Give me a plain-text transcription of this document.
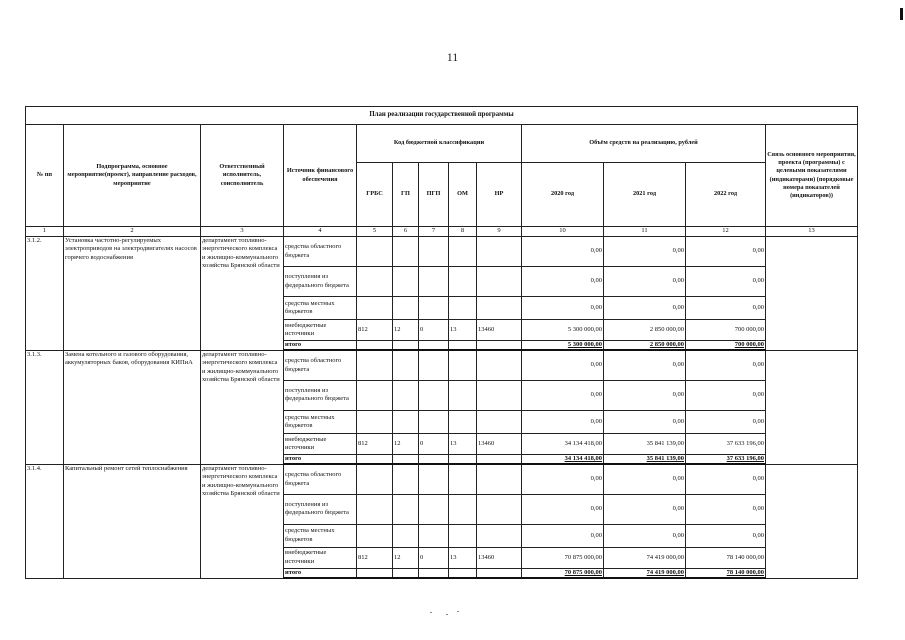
11
План реализации государственной программы												
№ пп	Подпрограмма, основное мероприятие(проект), направление расходов, мероприятие	Ответственный исполнитель, соисполнитель	Источник финансового обеспечения	Код бюджетной классификации					Объём средств на реализацию, рублей			Связь основного мероприятия, проекта (программы) с целевыми показателями (индикаторами) (порядковые номера показателей (индикаторов))
				ГРБС	ГП	ПГП	ОМ	НР	2020 год	2021 год	2022 год	
1	2	3	4	5	6	7	8	9	10	11	12	13
3.1.2.	Установка частотно-регулируемых электроприводов на электродвигателях насосов горячего водоснабжения	департамент топливно-энергетического комплекса и жилищно-коммунального хозяйства Брянской области	средства областного бюджета						0,00	0,00	0,00	
			поступления из федерального бюджета						0,00	0,00	0,00	
			средства местных бюджетов						0,00	0,00	0,00	
			внебюджетные источники	812	12	0	13	13460	5 300 000,00	2 850 000,00	700 000,00	
			итого						5 300 000,00	2 850 000,00	700 000,00	
3.1.3.	Замена котельного и газового оборудования, аккумуляторных баков, оборудования КИПиА	департамент топливно-энергетического комплекса и жилищно-коммунального хозяйства Брянской области	средства областного бюджета						0,00	0,00	0,00	
			поступления из федерального бюджета						0,00	0,00	0,00	
			средства местных бюджетов						0,00	0,00	0,00	
			внебюджетные источники	812	12	0	13	13460	34 134 418,00	35 841 139,00	37 633 196,00	
			итого						34 134 418,00	35 841 139,00	37 633 196,00	
3.1.4.	Капитальный ремонт сетей теплоснабжения	департамент топливно-энергетического комплекса и жилищно-коммунального хозяйства Брянской области	средства областного бюджета						0,00	0,00	0,00	
			поступления из федерального бюджета						0,00	0,00	0,00	
			средства местных бюджетов						0,00	0,00	0,00	
			внебюджетные источники	812	12	0	13	13460	70 875 000,00	74 419 000,00	78 140 000,00	
			итого						70 875 000,00	74 419 000,00	78 140 000,00	
